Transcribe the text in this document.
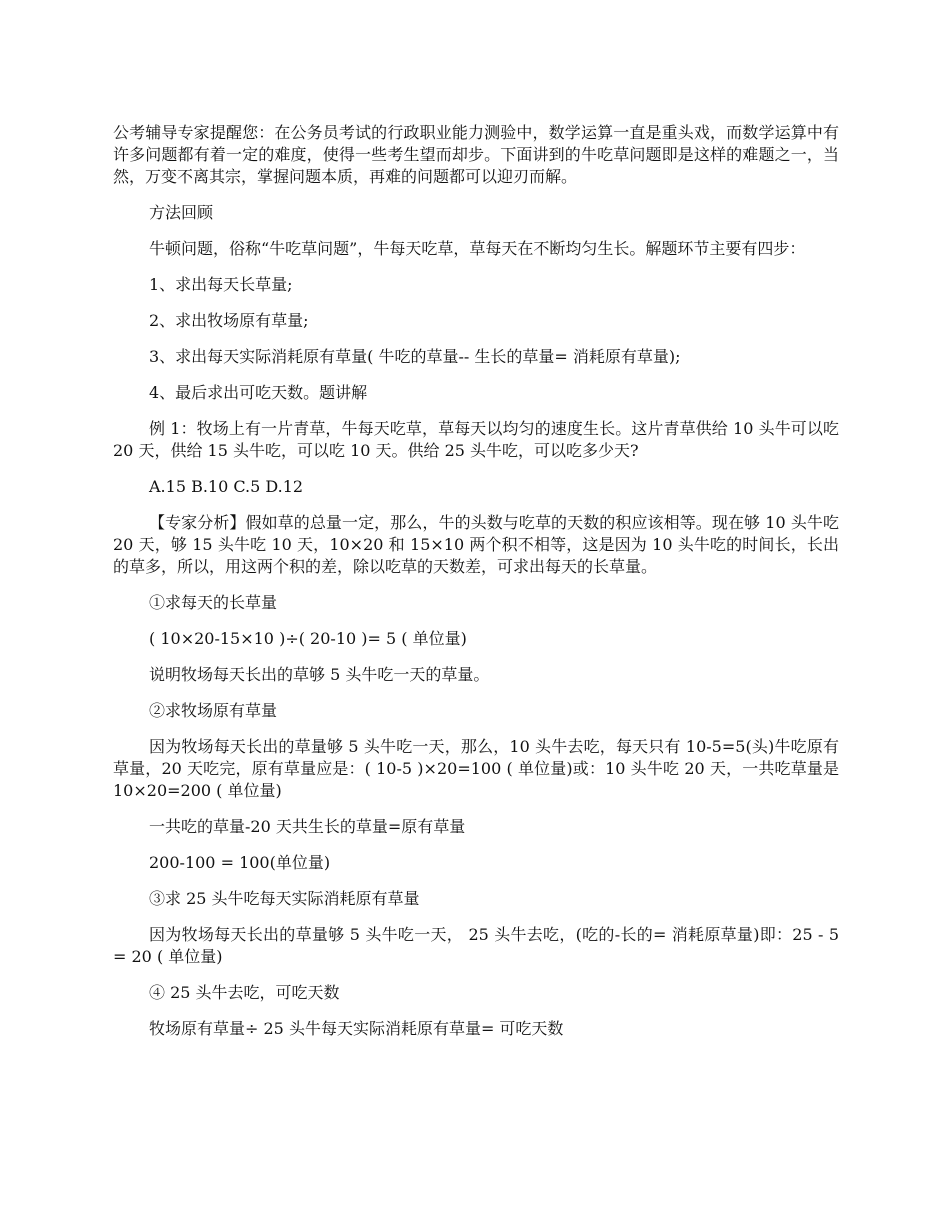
公考辅导专家提醒您：在公务员考试的行政职业能力测验中，数学运算一直是重头戏，而数学运算中有许多问题都有着一定的难度，使得一些考生望而却步。下面讲到的牛吃草问题即是这样的难题之一，当然，万变不离其宗，掌握问题本质，再难的问题都可以迎刃而解。

方法回顾

牛顿问题，俗称“牛吃草问题”，牛每天吃草，草每天在不断均匀生长。解题环节主要有四步：

1、求出每天长草量;

2、求出牧场原有草量;

3、求出每天实际消耗原有草量( 牛吃的草量-- 生长的草量= 消耗原有草量);

4、最后求出可吃天数。题讲解

例 1：牧场上有一片青草，牛每天吃草，草每天以均匀的速度生长。这片青草供给 10 头牛可以吃 20 天，供给 15 头牛吃，可以吃 10 天。供给 25 头牛吃，可以吃多少天?

A.15 B.10 C.5 D.12

【专家分析】假如草的总量一定，那么，牛的头数与吃草的天数的积应该相等。现在够 10 头牛吃 20 天，够 15 头牛吃 10 天，10×20 和 15×10 两个积不相等，这是因为 10 头牛吃的时间长，长出的草多，所以，用这两个积的差，除以吃草的天数差，可求出每天的长草量。

①求每天的长草量

( 10×20-15×10 )÷( 20-10 )= 5 ( 单位量)

说明牧场每天长出的草够 5 头牛吃一天的草量。

②求牧场原有草量

因为牧场每天长出的草量够 5 头牛吃一天，那么，10 头牛去吃，每天只有 10-5=5(头)牛吃原有草量，20 天吃完，原有草量应是：( 10-5 )×20=100 ( 单位量)或：10 头牛吃 20 天，一共吃草量是 10×20=200 ( 单位量)

一共吃的草量-20 天共生长的草量=原有草量

200-100 = 100(单位量)

③求 25 头牛吃每天实际消耗原有草量

因为牧场每天长出的草量够 5 头牛吃一天， 25 头牛去吃，(吃的-长的= 消耗原草量)即：25 - 5= 20 ( 单位量)

④ 25 头牛去吃，可吃天数

牧场原有草量÷ 25 头牛每天实际消耗原有草量= 可吃天数
